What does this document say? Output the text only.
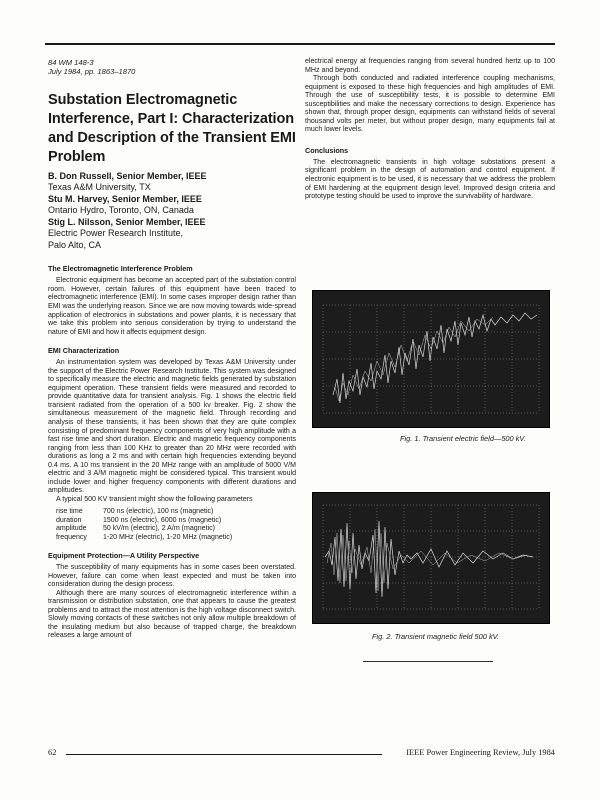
84 WM 148-3
July 1984, pp. 1863–1870
Substation Electromagnetic Interference, Part I: Characterization and Description of the Transient EMI Problem
B. Don Russell, Senior Member, IEEE
Texas A&M University, TX
Stu M. Harvey, Senior Member, IEEE
Ontario Hydro, Toronto, ON, Canada
Stig L. Nilsson, Senior Member, IEEE
Electric Power Research Institute,
Palo Alto, CA
The Electromagnetic Interference Problem

Electronic equipment has become an accepted part of the substation control room. However, certain failures of this equipment have been traced to electromagnetic interference (EMI). In some cases improper design rather than EMI was the underlying reason. Since we are now moving towards wide-spread application of electronics in substations and power plants, it is necessary that we take this problem into serious consideration by trying to understand the nature of EMI and how it affects equipment design.

EMI Characterization

An instrumentation system was developed by Texas A&M University under the support of the Electric Power Research Institute. This system was designed to specifically measure the electric and magnetic fields generated by substation equipment operation. These transient fields were measured and recorded to provide quantitative data for transient analysis. Fig. 1 shows the electric field transient radiated from the operation of a 500 kv breaker. Fig. 2 show the simultaneous measurement of the magnetic field. Through recording and analysis of these transients, it has been shown that they are quite complex consisting of predominant frequency components of very high amplitude with a fast rise time and short duration. Electric and magnetic frequency components ranging from less than 100 KHz to greater than 20 MHz were recorded with durations as long a 2 ms and with certain high frequencies extending beyond 0.4 ms. A 10 ms transient in the 20 MHz range with an amplitude of 5000 V/M electric and 3 A/M magnetic might be considered typical. This transient would include lower and higher frequency components with different durations and amplitudes.

A typical 500 KV transient might show the following parameters

rise time	700 ns (electric), 100 ns (magnetic)
duration	1500 ns (electric), 6000 ns (magnetic)
amplitude	50 kV/m (electric), 2 A/m (magnetic)
frequency	1-20 MHz (electric), 1-20 MHz (magnetic)
Equipment Protection—A Utility Perspective

The susceptibility of many equipments has in some cases been overstated. However, failure can come when least expected and must be taken into consideration during the design process.

Although there are many sources of electromagnetic interference within a transmission or distribution substation, one that appears to cause the greatest problems and to attract the most attention is the high voltage disconnect switch. Slowly moving contacts of these switches not only allow multiple breakdown of the insulating medium but also because of trapped charge, the breakdown releases a large amount of

electrical energy at frequencies ranging from several hundred hertz up to 100 MHz and beyond.

Through both conducted and radiated interference coupling mechanisms, equipment is exposed to these high frequencies and high amplitudes of EMI. Through the use of susceptibility tests, it is possible to determine EMI susceptibilities and make the necessary corrections to design. Experience has shown that, through proper design, equipments can withstand fields of several thousand volts per meter, but without proper design, many equipments fail at much lower levels.

Conclusions

The electromagnetic transients in high voltage substations present a significant problem in the design of automation and control equipment. If electronic equipment is to be used, it is necessary that we address the problem of EMI hardening at the equipment design level. Improved design criteria and prototype testing should be used to improve the survivability of hardware.

Fig. 1. Transient electric field—500 kV.
Fig. 2. Transient magnetic field 500 kV.
62	IEEE Power Engineering Review, July 1984
